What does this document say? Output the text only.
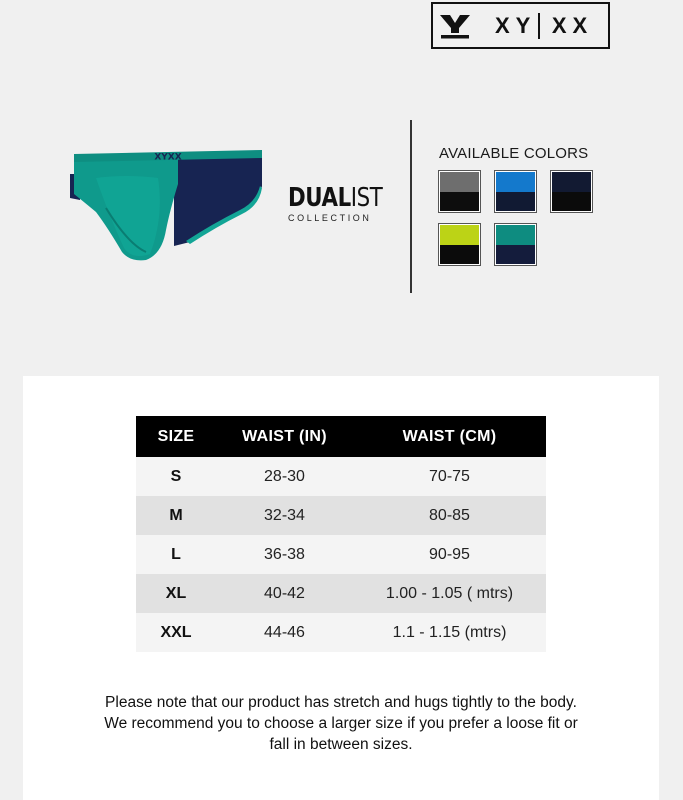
XY XX
XYXX
DUALIST
COLLECTION
AVAILABLE COLORS
SIZE	WAIST (IN)	WAIST (CM)
S	28-30	70-75
M	32-34	80-85
L	36-38	90-95
XL	40-42	1.00 - 1.05 ( mtrs)
XXL	44-46	1.1 - 1.15 (mtrs)
Please note that our product has stretch and hugs tightly to the body.
We recommend you to choose a larger size if you prefer a loose fit or
fall in between sizes.
